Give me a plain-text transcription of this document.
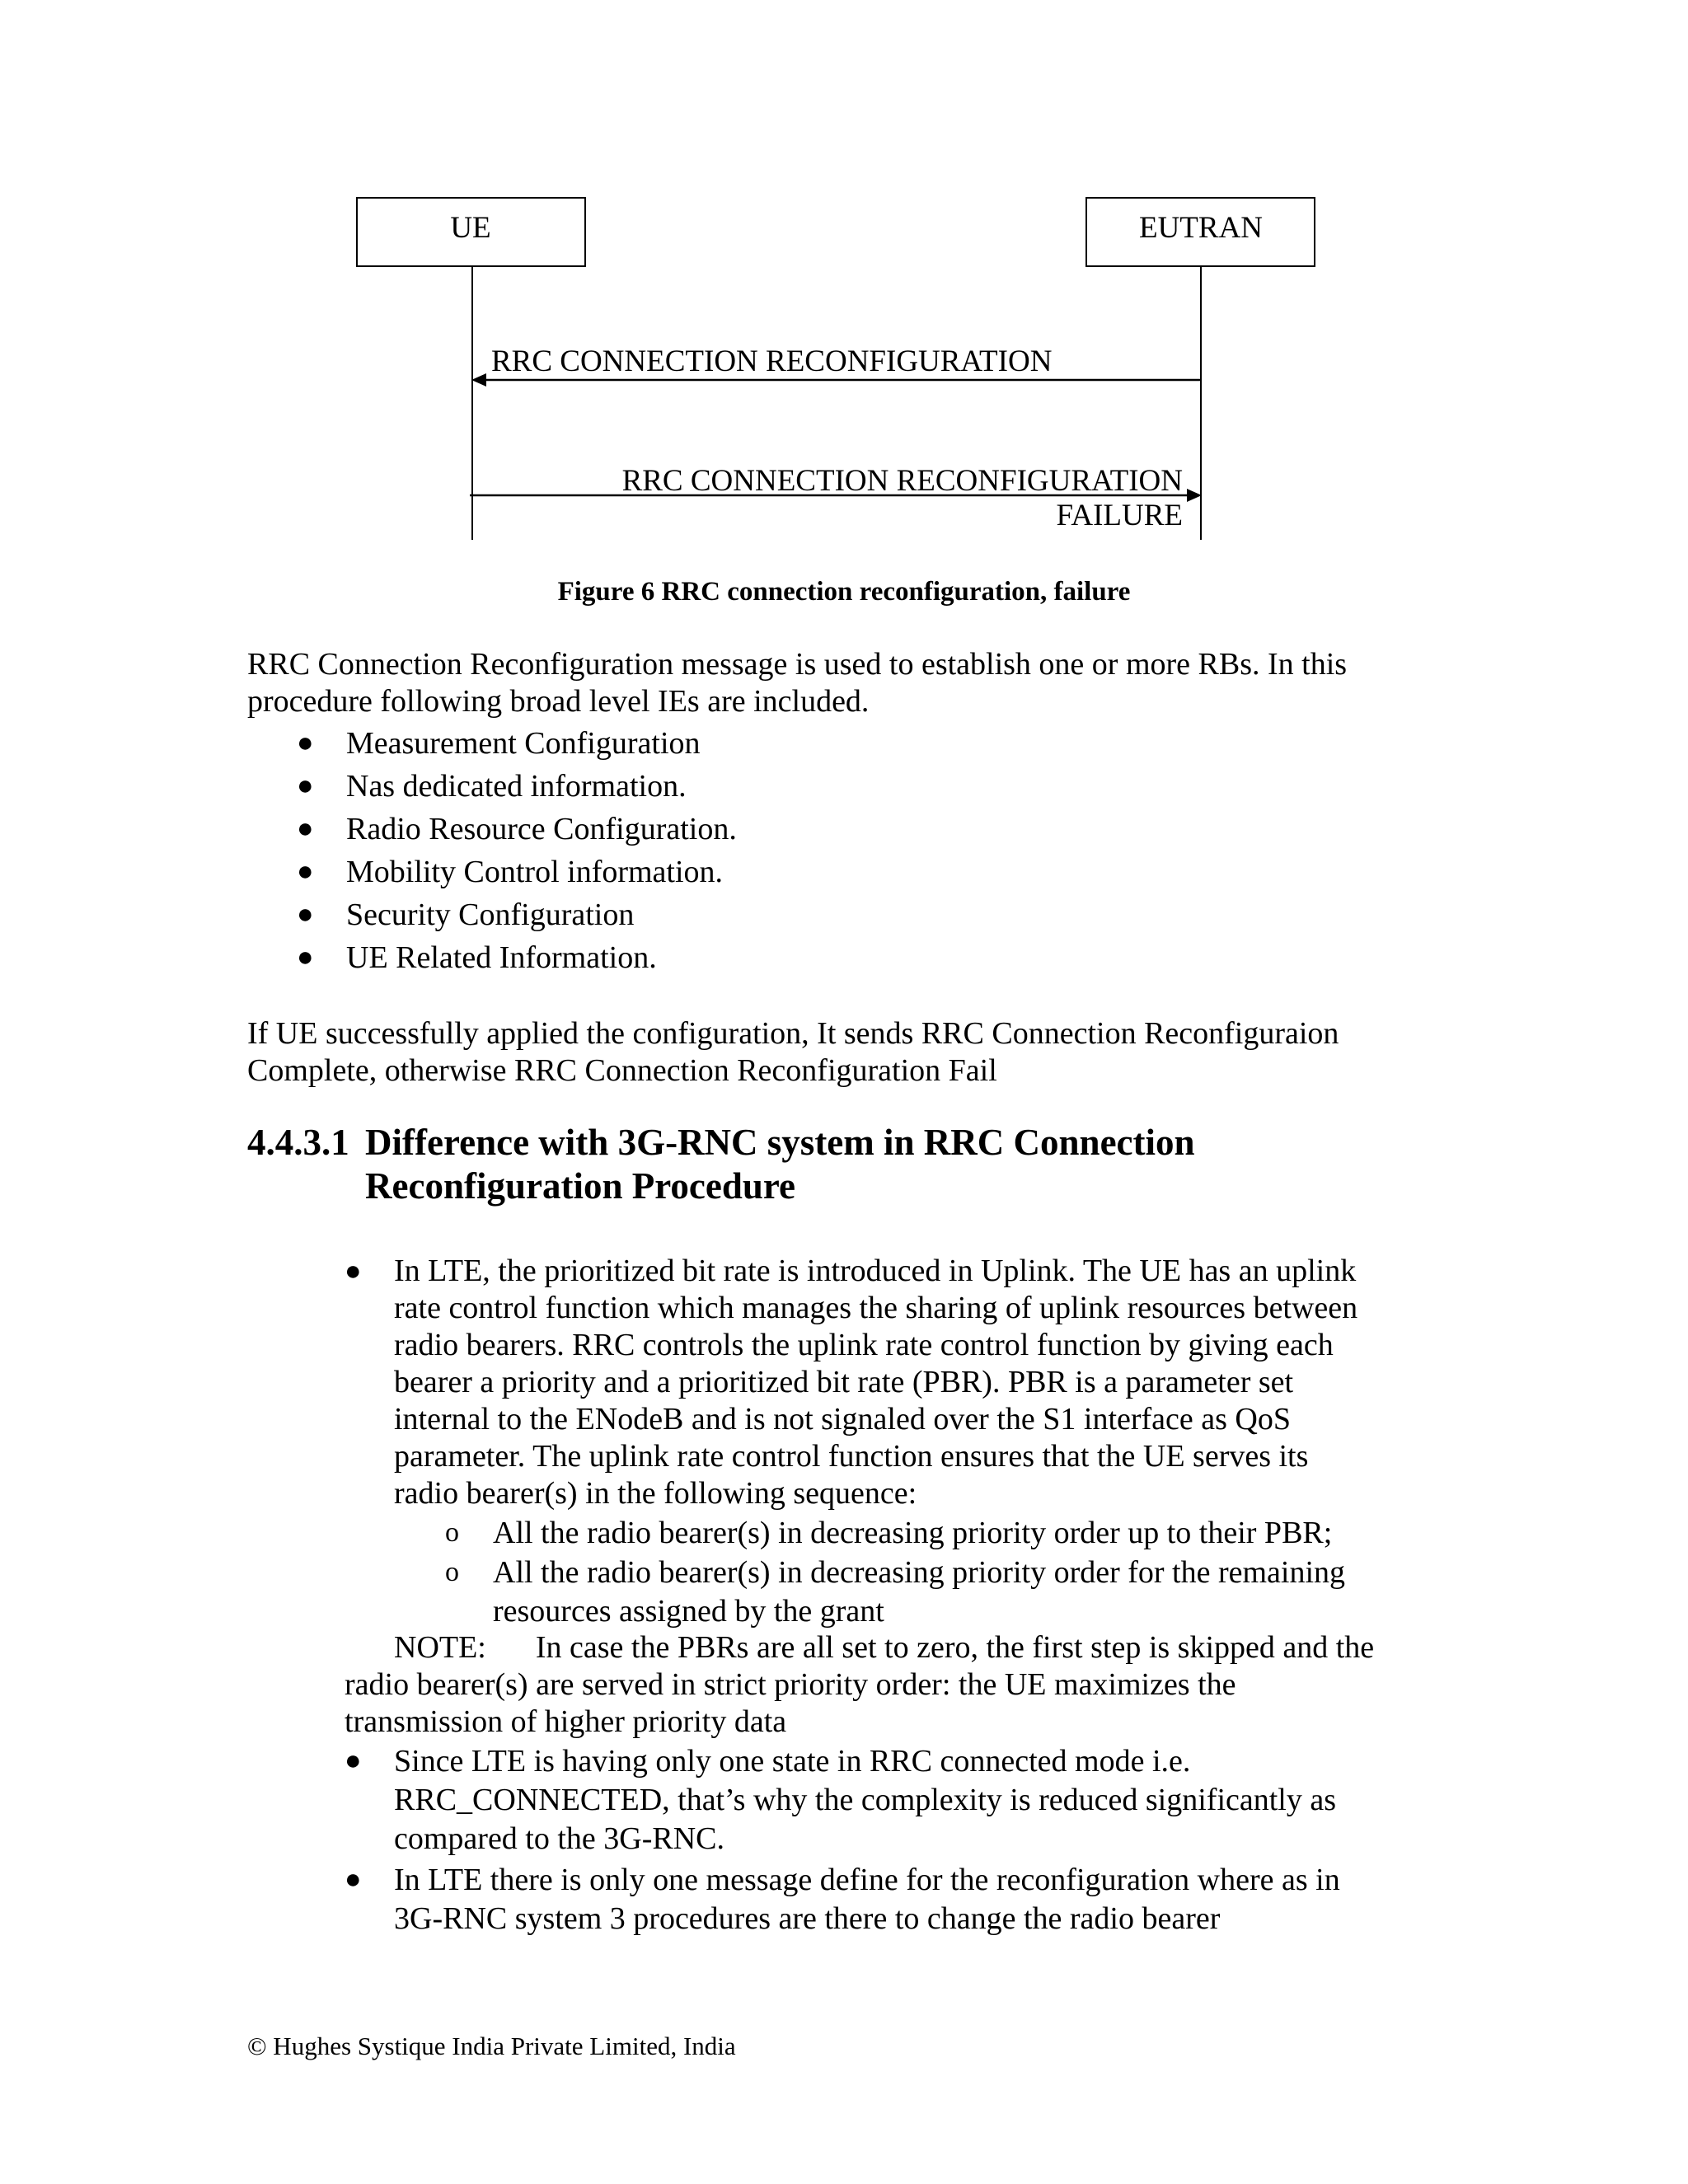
UE	EUTRAN
RRC CONNECTION RECONFIGURATION
RRC CONNECTION RECONFIGURATION
FAILURE
Figure 6 RRC connection reconfiguration, failure
RRC Connection Reconfiguration message is used to establish one or more RBs. In this
procedure following broad level IEs are included.
● Measurement Configuration
● Nas dedicated information.
● Radio Resource Configuration.
● Mobility Control information.
● Security Configuration
● UE Related Information.
If UE successfully applied the configuration, It sends RRC Connection Reconfiguraion
Complete, otherwise RRC Connection Reconfiguration Fail
4.4.3.1 Difference with 3G-RNC system in RRC Connection
Reconfiguration Procedure
● In LTE, the prioritized bit rate is introduced in Uplink. The UE has an uplink
rate control function which manages the sharing of uplink resources between
radio bearers. RRC controls the uplink rate control function by giving each
bearer a priority and a prioritized bit rate (PBR). PBR is a parameter set
internal to the ENodeB and is not signaled over the S1 interface as QoS
parameter. The uplink rate control function ensures that the UE serves its
radio bearer(s) in the following sequence:
o All the radio bearer(s) in decreasing priority order up to their PBR;
o All the radio bearer(s) in decreasing priority order for the remaining
resources assigned by the grant
NOTE: In case the PBRs are all set to zero, the first step is skipped and the
radio bearer(s) are served in strict priority order: the UE maximizes the
transmission of higher priority data
● Since LTE is having only one state in RRC connected mode i.e.
RRC_CONNECTED, that’s why the complexity is reduced significantly as
compared to the 3G-RNC.
● In LTE there is only one message define for the reconfiguration where as in
3G-RNC system 3 procedures are there to change the radio bearer
© Hughes Systique India Private Limited, India
